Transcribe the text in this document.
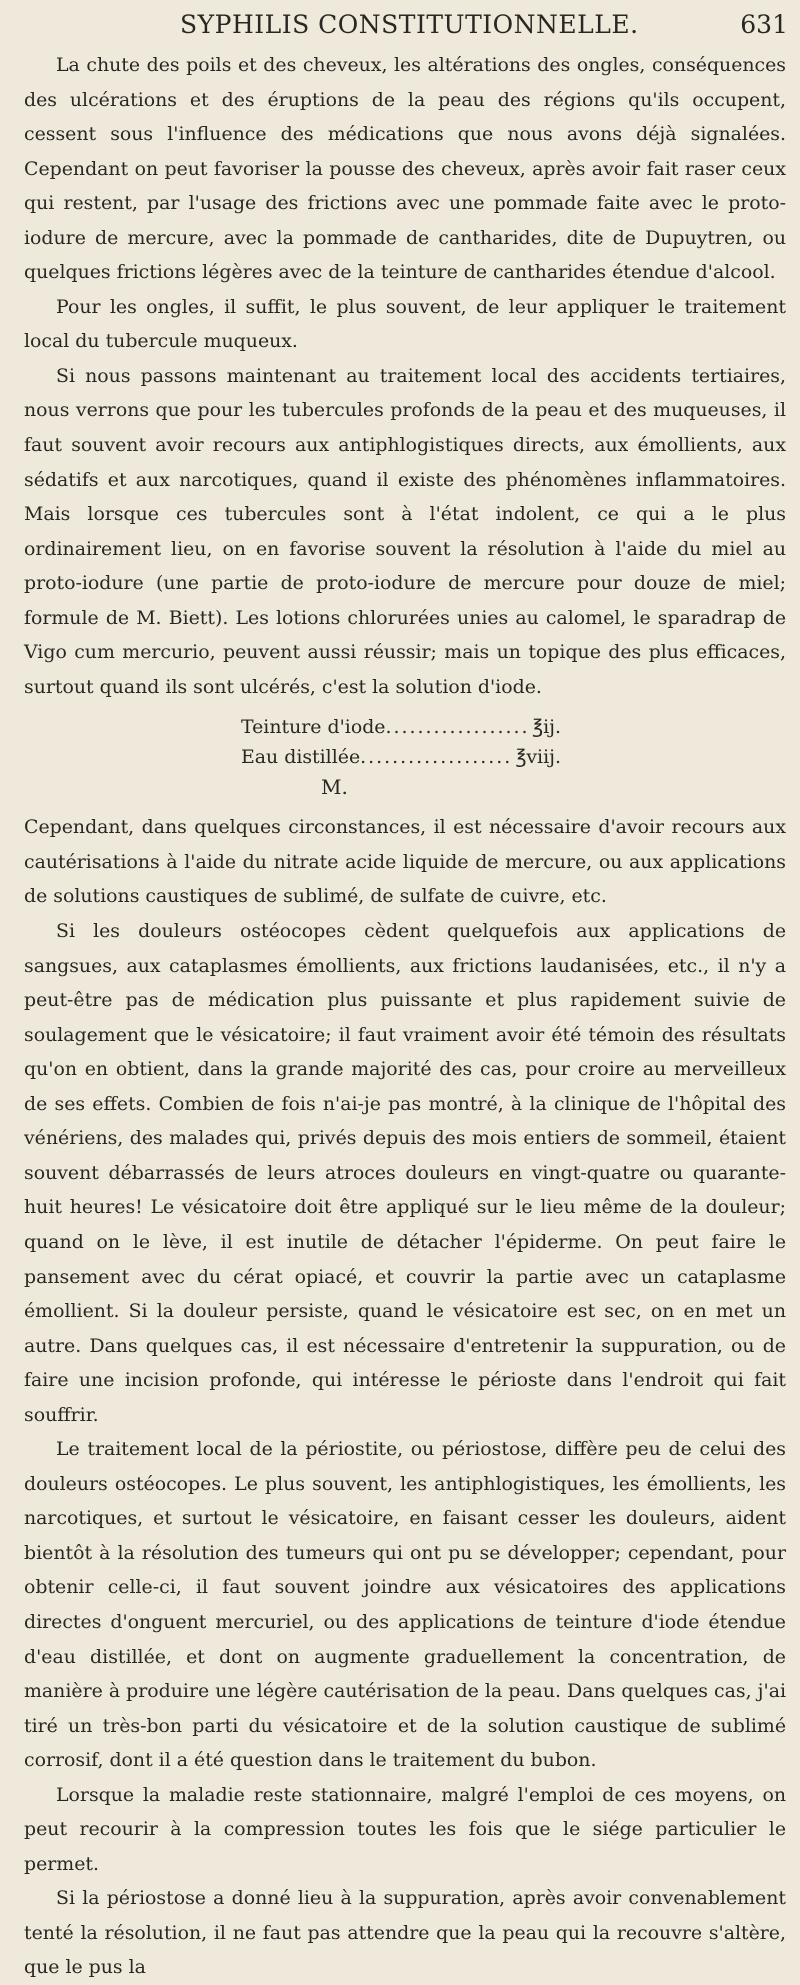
SYPHILIS CONSTITUTIONNELLE.	631

La chute des poils et des cheveux, les altérations des ongles, conséquences des ulcérations et des éruptions de la peau des régions qu'ils occupent, cessent sous l'influence des médications que nous avons déjà signalées. Cependant on peut favoriser la pousse des cheveux, après avoir fait raser ceux qui restent, par l'usage des frictions avec une pommade faite avec le proto-iodure de mercure, avec la pommade de cantharides, dite de Dupuytren, ou quelques frictions légères avec de la teinture de cantharides étendue d'alcool.

Pour les ongles, il suffit, le plus souvent, de leur appliquer le traitement local du tubercule muqueux.

Si nous passons maintenant au traitement local des accidents tertiaires, nous verrons que pour les tubercules profonds de la peau et des muqueuses, il faut souvent avoir recours aux antiphlogistiques directs, aux émollients, aux sédatifs et aux narcotiques, quand il existe des phénomènes inflammatoires. Mais lorsque ces tubercules sont à l'état indolent, ce qui a le plus ordinairement lieu, on en favorise souvent la résolution à l'aide du miel au proto-iodure (une partie de proto-iodure de mercure pour douze de miel; formule de M. Biett). Les lotions chlorurées unies au calomel, le sparadrap de Vigo cum mercurio, peuvent aussi réussir; mais un topique des plus efficaces, surtout quand ils sont ulcérés, c'est la solution d'iode.

Teinture d'iode .....	℥ij.
Eau distillée .....	℥viij.
M.

Cependant, dans quelques circonstances, il est nécessaire d'avoir recours aux cautérisations à l'aide du nitrate acide liquide de mercure, ou aux applications de solutions caustiques de sublimé, de sulfate de cuivre, etc.

Si les douleurs ostéocopes cèdent quelquefois aux applications de sangsues, aux cataplasmes émollients, aux frictions laudanisées, etc., il n'y a peut-être pas de médication plus puissante et plus rapidement suivie de soulagement que le vésicatoire; il faut vraiment avoir été témoin des résultats qu'on en obtient, dans la grande majorité des cas, pour croire au merveilleux de ses effets. Combien de fois n'ai-je pas montré, à la clinique de l'hôpital des vénériens, des malades qui, privés depuis des mois entiers de sommeil, étaient souvent débarrassés de leurs atroces douleurs en vingt-quatre ou quarante-huit heures! Le vésicatoire doit être appliqué sur le lieu même de la douleur; quand on le lève, il est inutile de détacher l'épiderme. On peut faire le pansement avec du cérat opiacé, et couvrir la partie avec un cataplasme émollient. Si la douleur persiste, quand le vésicatoire est sec, on en met un autre. Dans quelques cas, il est nécessaire d'entretenir la suppuration, ou de faire une incision profonde, qui intéresse le périoste dans l'endroit qui fait souffrir.

Le traitement local de la périostite, ou périostose, diffère peu de celui des douleurs ostéocopes. Le plus souvent, les antiphlogistiques, les émollients, les narcotiques, et surtout le vésicatoire, en faisant cesser les douleurs, aident bientôt à la résolution des tumeurs qui ont pu se développer; cependant, pour obtenir celle-ci, il faut souvent joindre aux vésicatoires des applications directes d'onguent mercuriel, ou des applications de teinture d'iode étendue d'eau distillée, et dont on augmente graduellement la concentration, de manière à produire une légère cautérisation de la peau. Dans quelques cas, j'ai tiré un très-bon parti du vésicatoire et de la solution caustique de sublimé corrosif, dont il a été question dans le traitement du bubon.

Lorsque la maladie reste stationnaire, malgré l'emploi de ces moyens, on peut recourir à la compression toutes les fois que le siége particulier le permet.

Si la périostose a donné lieu à la suppuration, après avoir convenablement tenté la résolution, il ne faut pas attendre que la peau qui la recouvre s'altère, que le pus la
